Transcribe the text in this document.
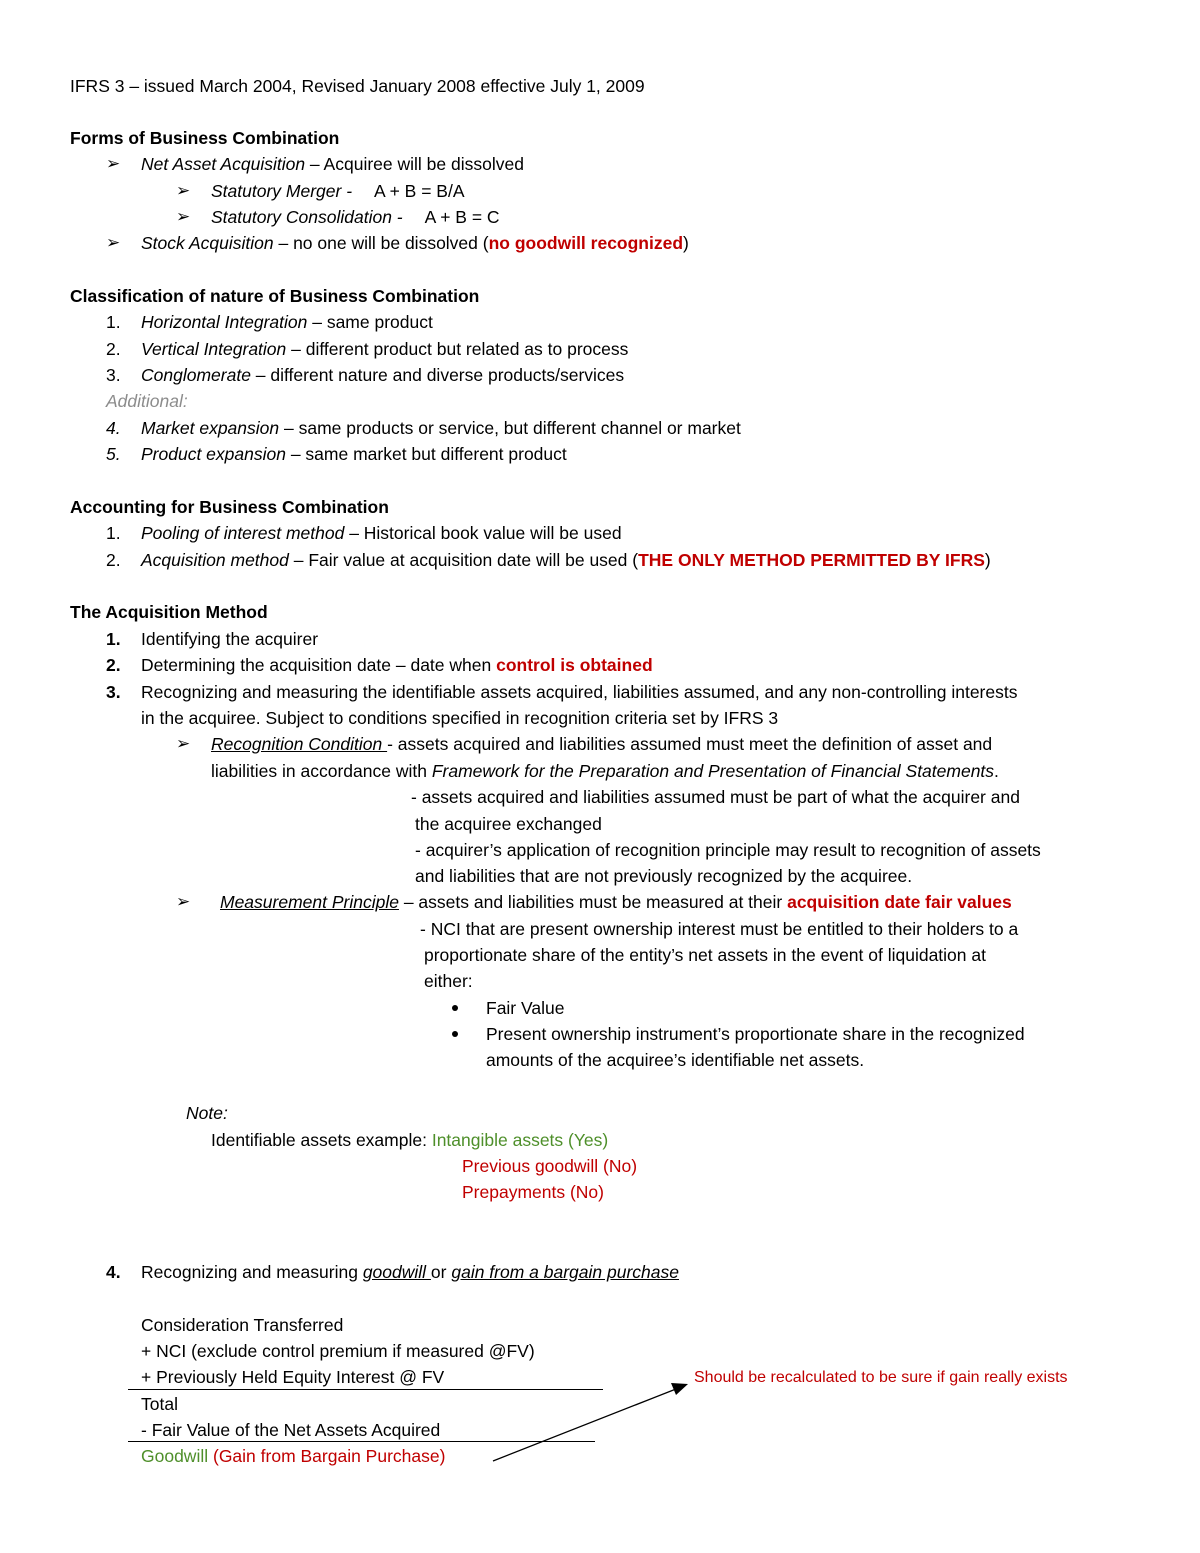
IFRS 3 – issued March 2004, Revised January 2008 effective July 1, 2009
Forms of Business Combination
➢ Net Asset Acquisition – Acquiree will be dissolved
➢ Statutory Merger - A + B = B/A
➢ Statutory Consolidation - A + B = C
➢ Stock Acquisition – no one will be dissolved (no goodwill recognized)
Classification of nature of Business Combination
1. Horizontal Integration – same product
2. Vertical Integration – different product but related as to process
3. Conglomerate – different nature and diverse products/services
Additional:
4. Market expansion – same products or service, but different channel or market
5. Product expansion – same market but different product
Accounting for Business Combination
1. Pooling of interest method – Historical book value will be used
2. Acquisition method – Fair value at acquisition date will be used (THE ONLY METHOD PERMITTED BY IFRS)
The Acquisition Method
1. Identifying the acquirer
2. Determining the acquisition date – date when control is obtained
3. Recognizing and measuring the identifiable assets acquired, liabilities assumed, and any non-controlling interests
in the acquiree. Subject to conditions specified in recognition criteria set by IFRS 3
➢ Recognition Condition - assets acquired and liabilities assumed must meet the definition of asset and
liabilities in accordance with Framework for the Preparation and Presentation of Financial Statements.
- assets acquired and liabilities assumed must be part of what the acquirer and
the acquiree exchanged
- acquirer’s application of recognition principle may result to recognition of assets
and liabilities that are not previously recognized by the acquiree.
➢ Measurement Principle – assets and liabilities must be measured at their acquisition date fair values
- NCI that are present ownership interest must be entitled to their holders to a
proportionate share of the entity’s net assets in the event of liquidation at
either:
Fair Value
Present ownership instrument’s proportionate share in the recognized
amounts of the acquiree’s identifiable net assets.
Note:
Identifiable assets example: Intangible assets (Yes)
Previous goodwill (No)
Prepayments (No)
4. Recognizing and measuring goodwill or gain from a bargain purchase
Consideration Transferred
+ NCI (exclude control premium if measured @FV)
+ Previously Held Equity Interest @ FV
Total
- Fair Value of the Net Assets Acquired
Goodwill (Gain from Bargain Purchase)
Should be recalculated to be sure if gain really exists
